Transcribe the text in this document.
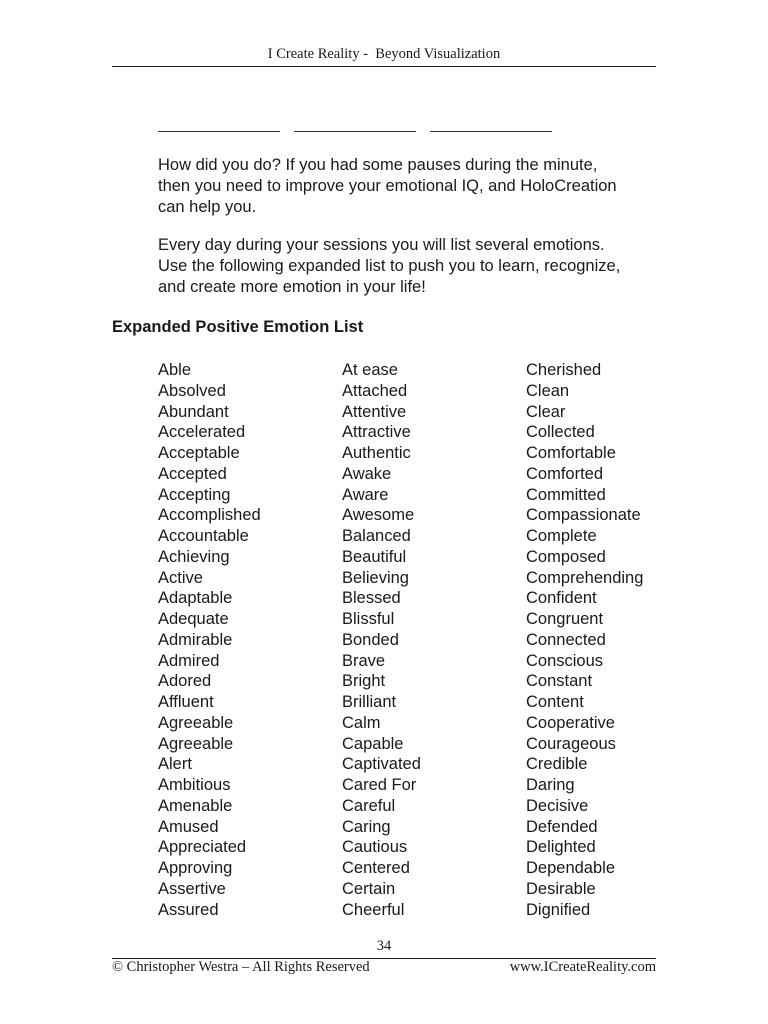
I Create Reality -  Beyond Visualization

How did you do? If you had some pauses during the minute,

then you need to improve your emotional IQ, and HoloCreation

can help you.

Every day during your sessions you will list several emotions.

Use the following expanded list to push you to learn, recognize,

and create more emotion in your life!

Expanded Positive Emotion List
Able
Absolved
Abundant
Accelerated
Acceptable
Accepted
Accepting
Accomplished
Accountable
Achieving
Active
Adaptable
Adequate
Admirable
Admired
Adored
Affluent
Agreeable
Agreeable
Alert
Ambitious
Amenable
Amused
Appreciated
Approving
Assertive
Assured
At ease
Attached
Attentive
Attractive
Authentic
Awake
Aware
Awesome
Balanced
Beautiful
Believing
Blessed
Blissful
Bonded
Brave
Bright
Brilliant
Calm
Capable
Captivated
Cared For
Careful
Caring
Cautious
Centered
Certain
Cheerful
Cherished
Clean
Clear
Collected
Comfortable
Comforted
Committed
Compassionate
Complete
Composed
Comprehending
Confident
Congruent
Connected
Conscious
Constant
Content
Cooperative
Courageous
Credible
Daring
Decisive
Defended
Delighted
Dependable
Desirable
Dignified
34
© Christopher Westra – All Rights Reserved	www.ICreateReality.com
